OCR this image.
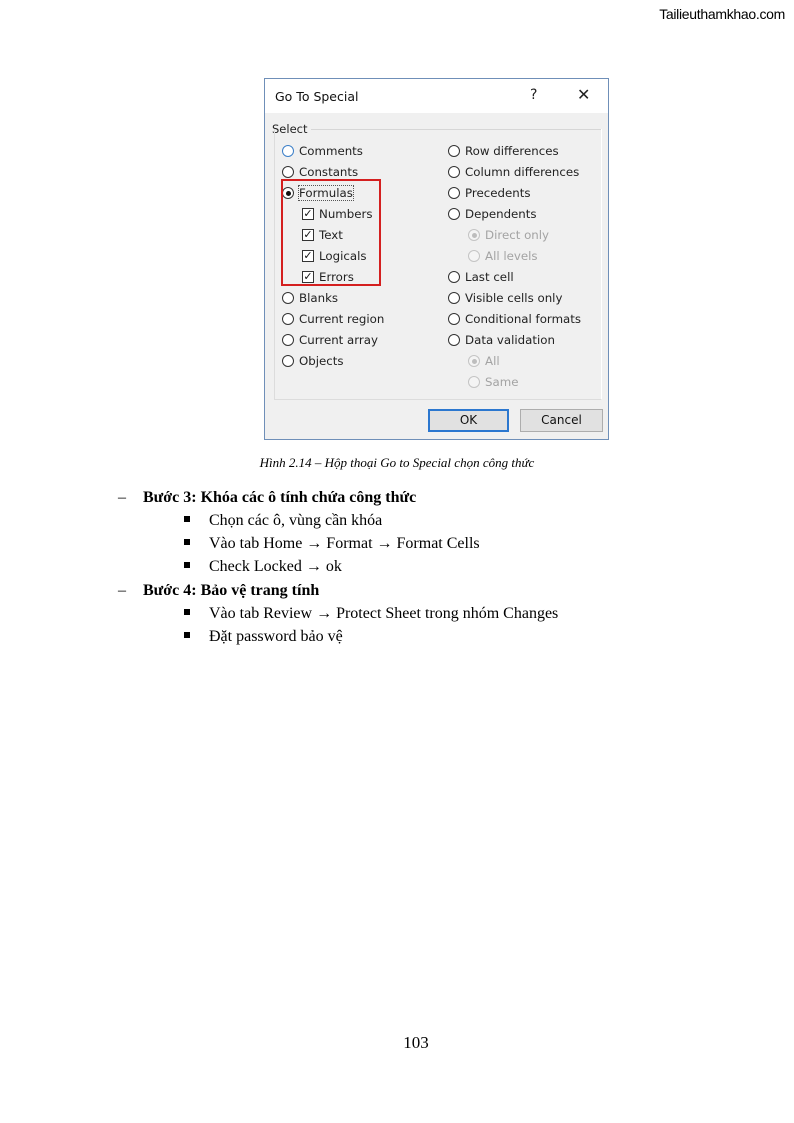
Tailieuthamkhao.com
Go To Special	? ✕
Select
Comments
Constants
Formulas
✓ Numbers
✓ Text
✓ Logicals
✓ Errors
Blanks
Current region
Current array
Objects
Row differences
Column differences
Precedents
Dependents
Direct only
All levels
Last cell
Visible cells only
Conditional formats
Data validation
All
Same
OK	Cancel
Hình 2.14 – Hộp thoại Go to Special chọn công thức
– Bước 3: Khóa các ô tính chứa công thức
Chọn các ô, vùng cần khóa
Vào tab Home → Format → Format Cells
Check Locked → ok
– Bước 4: Bảo vệ trang tính
Vào tab Review → Protect Sheet trong nhóm Changes
Đặt password bảo vệ
103
